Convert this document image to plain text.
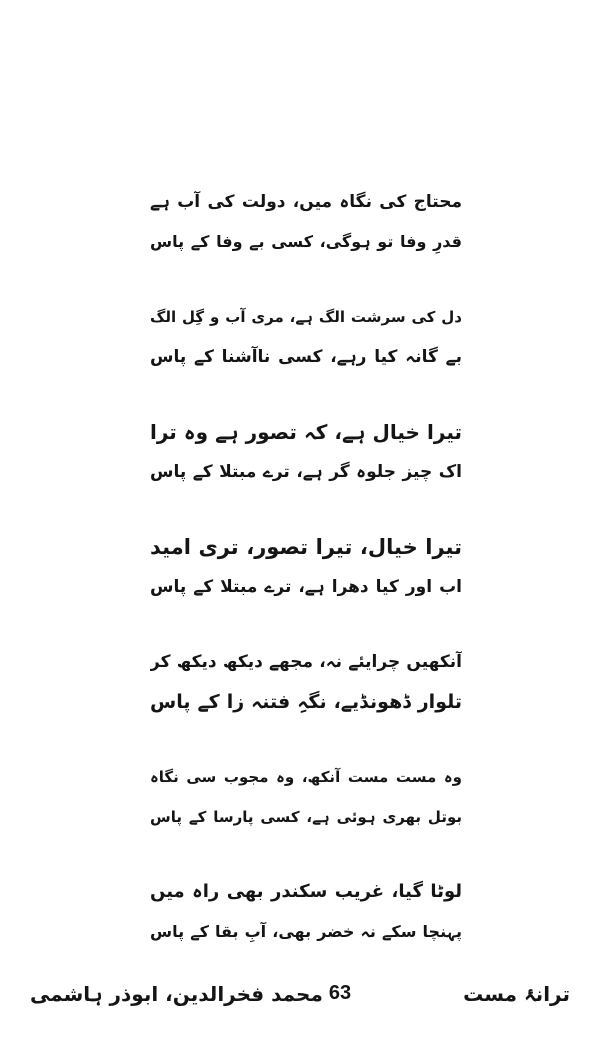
محتاج کی نگاہ میں، دولت کی آب ہے
قدرِ وفا تو ہوگی، کسی بے وفا کے پاس
دل کی سرشت الگ ہے، مری آب و گِل الگ
بے گانہ کیا رہے، کسی ناآشنا کے پاس
تیرا خیال ہے، کہ تصور ہے وہ ترا
اک چیز جلوہ گر ہے، ترے مبتلا کے پاس
تیرا خیال، تیرا تصور، تری امید
اب اور کیا دھرا ہے، ترے مبتلا کے پاس
آنکھیں چرایئے نہ، مجھے دیکھ دیکھ کر
تلوار ڈھونڈیے، نگہِ فتنہ زا کے پاس
وہ مست مست آنکھ، وہ مجوب سی نگاہ
بوتل بھری ہوئی ہے، کسی پارسا کے پاس
لوٹا گیا، غریب سکندر بھی راہ میں
پہنچا سکے نہ خضر بھی، آبِ بقا کے پاس
محمد فخرالدین، ابوذر ہاشمی 63	ترانۂ مست
